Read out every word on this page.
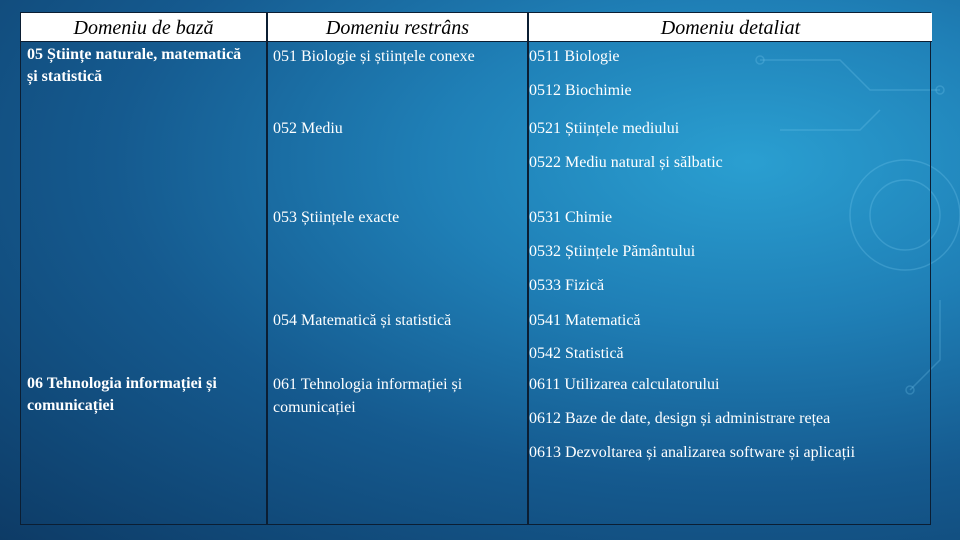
Domeniu de bază	Domeniu restrâns	Domeniu detaliat
05 Științe naturale, matematică și statistică
06 Tehnologia informației și comunicației
051 Biologie și științele conexe
052 Mediu
053 Științele exacte
054 Matematică și statistică
061 Tehnologia informației și comunicației
0511 Biologie
0512 Biochimie
0521 Științele mediului
0522 Mediu natural și sălbatic
0531 Chimie
0532 Științele Pământului
0533 Fizică
0541 Matematică
0542 Statistică
0611 Utilizarea calculatorului
0612 Baze de date, design și administrare rețea
0613 Dezvoltarea și analizarea software și aplicații
